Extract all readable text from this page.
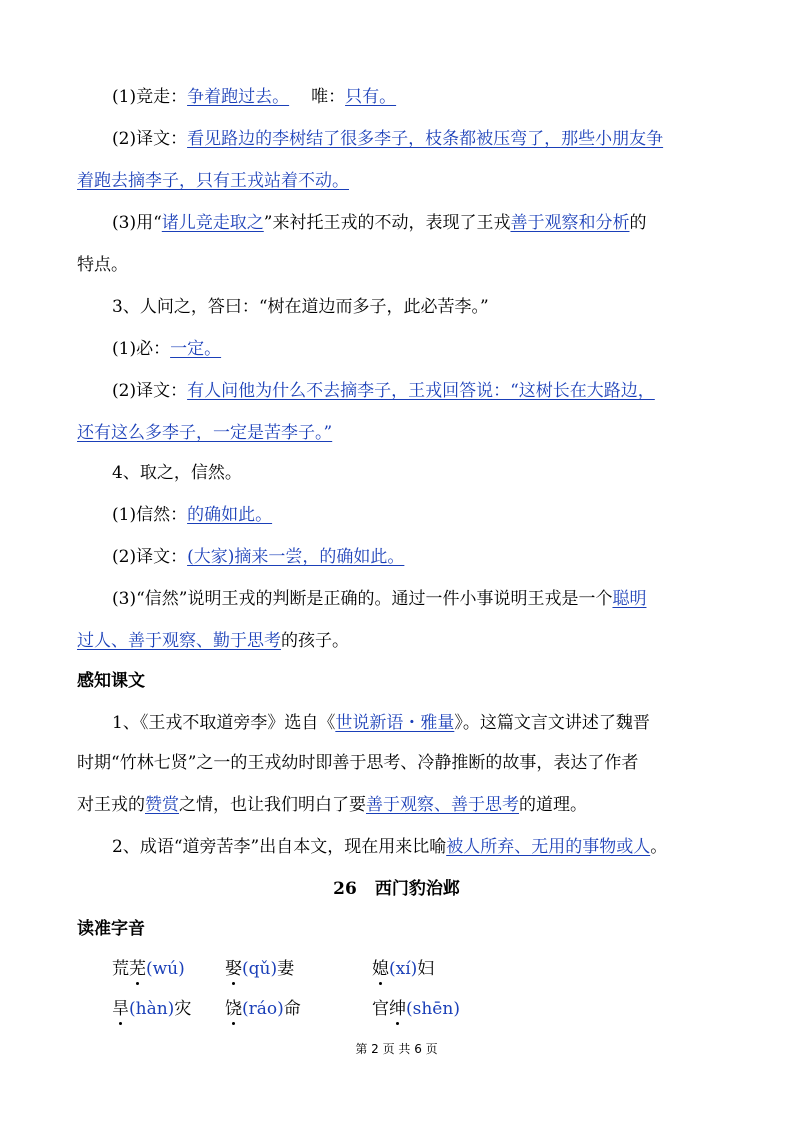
(1)竞走：争着跑过去。 唯：只有。
(2)译文：看见路边的李树结了很多李子，枝条都被压弯了，那些小朋友争
着跑去摘李子，只有王戎站着不动。
(3)用“诸儿竞走取之”来衬托王戎的不动，表现了王戎善于观察和分析的
特点。
3、人问之，答曰：“树在道边而多子，此必苦李。”
(1)必：一定。
(2)译文：有人问他为什么不去摘李子，王戎回答说：“这树长在大路边，
还有这么多李子，一定是苦李子。”
4、取之，信然。
(1)信然：的确如此。
(2)译文：(大家)摘来一尝，的确如此。
(3)“信然”说明王戎的判断是正确的。通过一件小事说明王戎是一个聪明
过人、善于观察、勤于思考的孩子。
感知课文
1、《王戎不取道旁李》选自《世说新语・雅量》。这篇文言文讲述了魏晋
时期“竹林七贤”之一的王戎幼时即善于思考、冷静推断的故事，表达了作者
对王戎的赞赏之情，也让我们明白了要善于观察、善于思考的道理。
2、成语“道旁苦李”出自本文，现在用来比喻被人所弃、无用的事物或人。
26 西门豹治邺
读准字音
荒芜(wú) 娶(qǔ)妻	媳(xí)妇
旱(hàn)灾 饶(ráo)命	官绅(shēn)
第 2 页 共 6 页
